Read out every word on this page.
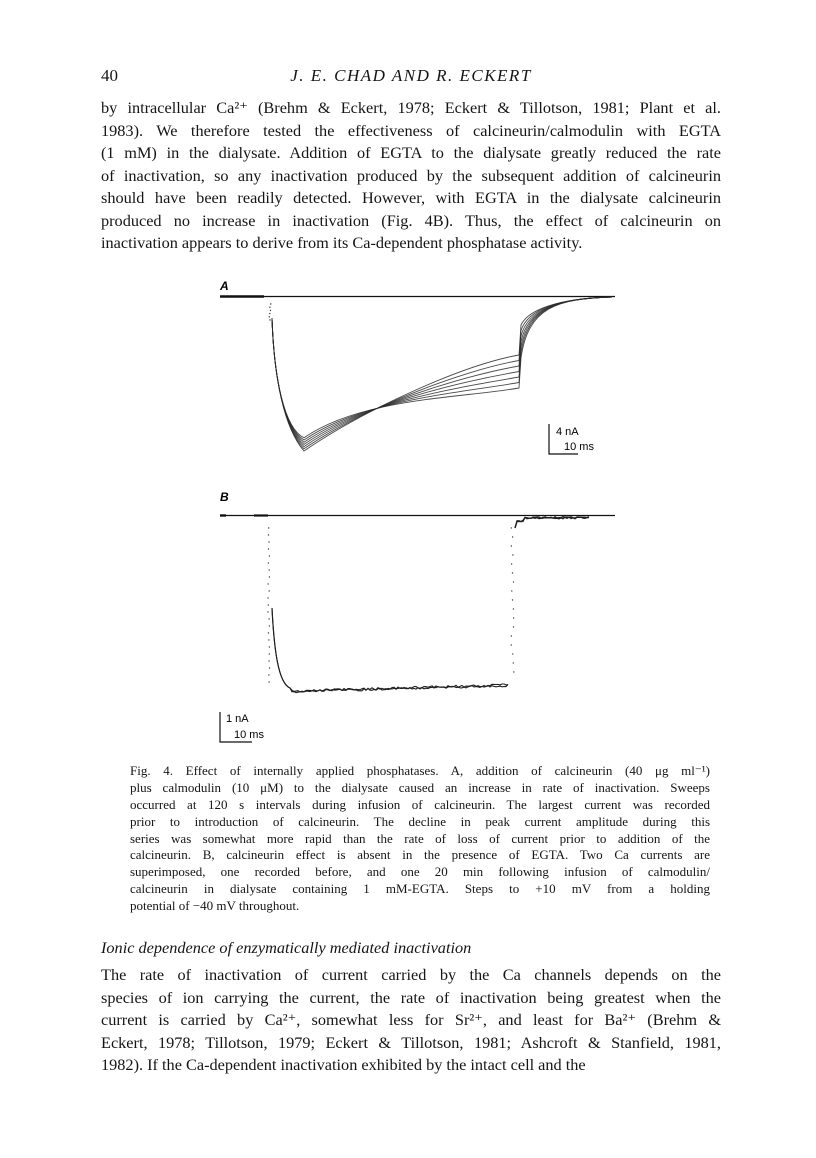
40	J. E. CHAD AND R. ECKERT
by intracellular Ca²⁺ (Brehm & Eckert, 1978; Eckert & Tillotson, 1981; Plant et al.
1983). We therefore tested the effectiveness of calcineurin/calmodulin with EGTA
(1 mM) in the dialysate. Addition of EGTA to the dialysate greatly reduced the rate
of inactivation, so any inactivation produced by the subsequent addition of calcineurin
should have been readily detected. However, with EGTA in the dialysate calcineurin
produced no increase in inactivation (Fig. 4B). Thus, the effect of calcineurin on
inactivation appears to derive from its Ca-dependent phosphatase activity.
A
4 nA
10 ms
B
1 nA
10 ms
Fig. 4. Effect of internally applied phosphatases. A, addition of calcineurin (40 μg ml⁻¹)
plus calmodulin (10 μM) to the dialysate caused an increase in rate of inactivation. Sweeps
occurred at 120 s intervals during infusion of calcineurin. The largest current was recorded
prior to introduction of calcineurin. The decline in peak current amplitude during this
series was somewhat more rapid than the rate of loss of current prior to addition of the
calcineurin. B, calcineurin effect is absent in the presence of EGTA. Two Ca currents are
superimposed, one recorded before, and one 20 min following infusion of calmodulin/
calcineurin in dialysate containing 1 mM-EGTA. Steps to +10 mV from a holding
potential of −40 mV throughout.
Ionic dependence of enzymatically mediated inactivation
The rate of inactivation of current carried by the Ca channels depends on the
species of ion carrying the current, the rate of inactivation being greatest when the
current is carried by Ca²⁺, somewhat less for Sr²⁺, and least for Ba²⁺ (Brehm &
Eckert, 1978; Tillotson, 1979; Eckert & Tillotson, 1981; Ashcroft & Stanfield, 1981,
1982). If the Ca-dependent inactivation exhibited by the intact cell and the
